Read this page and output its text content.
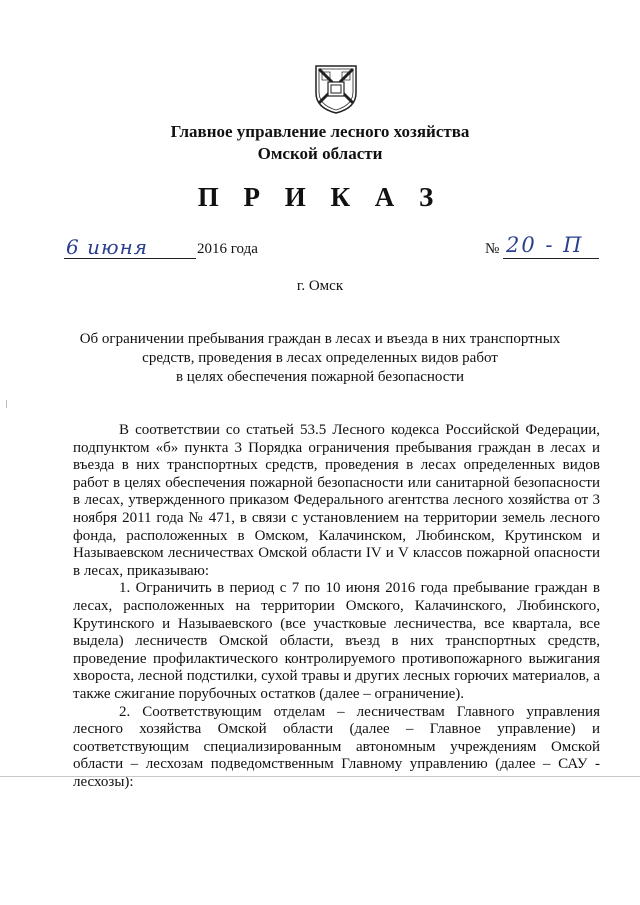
Главное управление лесного хозяйства
Омской области
П Р И К А З
6 июня	2016 года	№ 20 - П
г. Омск
Об ограничении пребывания граждан в лесах и въезда в них транспортных
средств, проведения в лесах определенных видов работ
в целях обеспечения пожарной безопасности

В соответствии со статьей 53.5 Лесного кодекса Российской Федерации, подпунктом «б» пункта 3 Порядка ограничения пребывания граждан в лесах и въезда в них транспортных средств, проведения в лесах определенных видов работ в целях обеспечения пожарной безопасности или санитарной безопасности в лесах, утвержденного приказом Федерального агентства лесного хозяйства от 3 ноября 2011 года № 471, в связи с установлением на территории земель лесного фонда, расположенных в Омском, Калачинском, Любинском, Крутинском и Называевском лесничествах Омской области IV и V классов пожарной опасности в лесах, приказываю:

1. Ограничить в период с 7 по 10 июня 2016 года пребывание граждан в лесах, расположенных на территории Омского, Калачинского, Любинского, Крутинского и Называевского (все участковые лесничества, все квартала, все выдела) лесничеств Омской области, въезд в них транспортных средств, проведение профилактического контролируемого противопожарного выжигания хвороста, лесной подстилки, сухой травы и других лесных горючих материалов, а также сжигание порубочных остатков (далее – ограничение).

2. Соответствующим отделам – лесничествам Главного управления лесного хозяйства Омской области (далее – Главное управление) и соответствующим специализированным автономным учреждениям Омской области – лесхозам подведомственным Главному управлению (далее – САУ - лесхозы):
